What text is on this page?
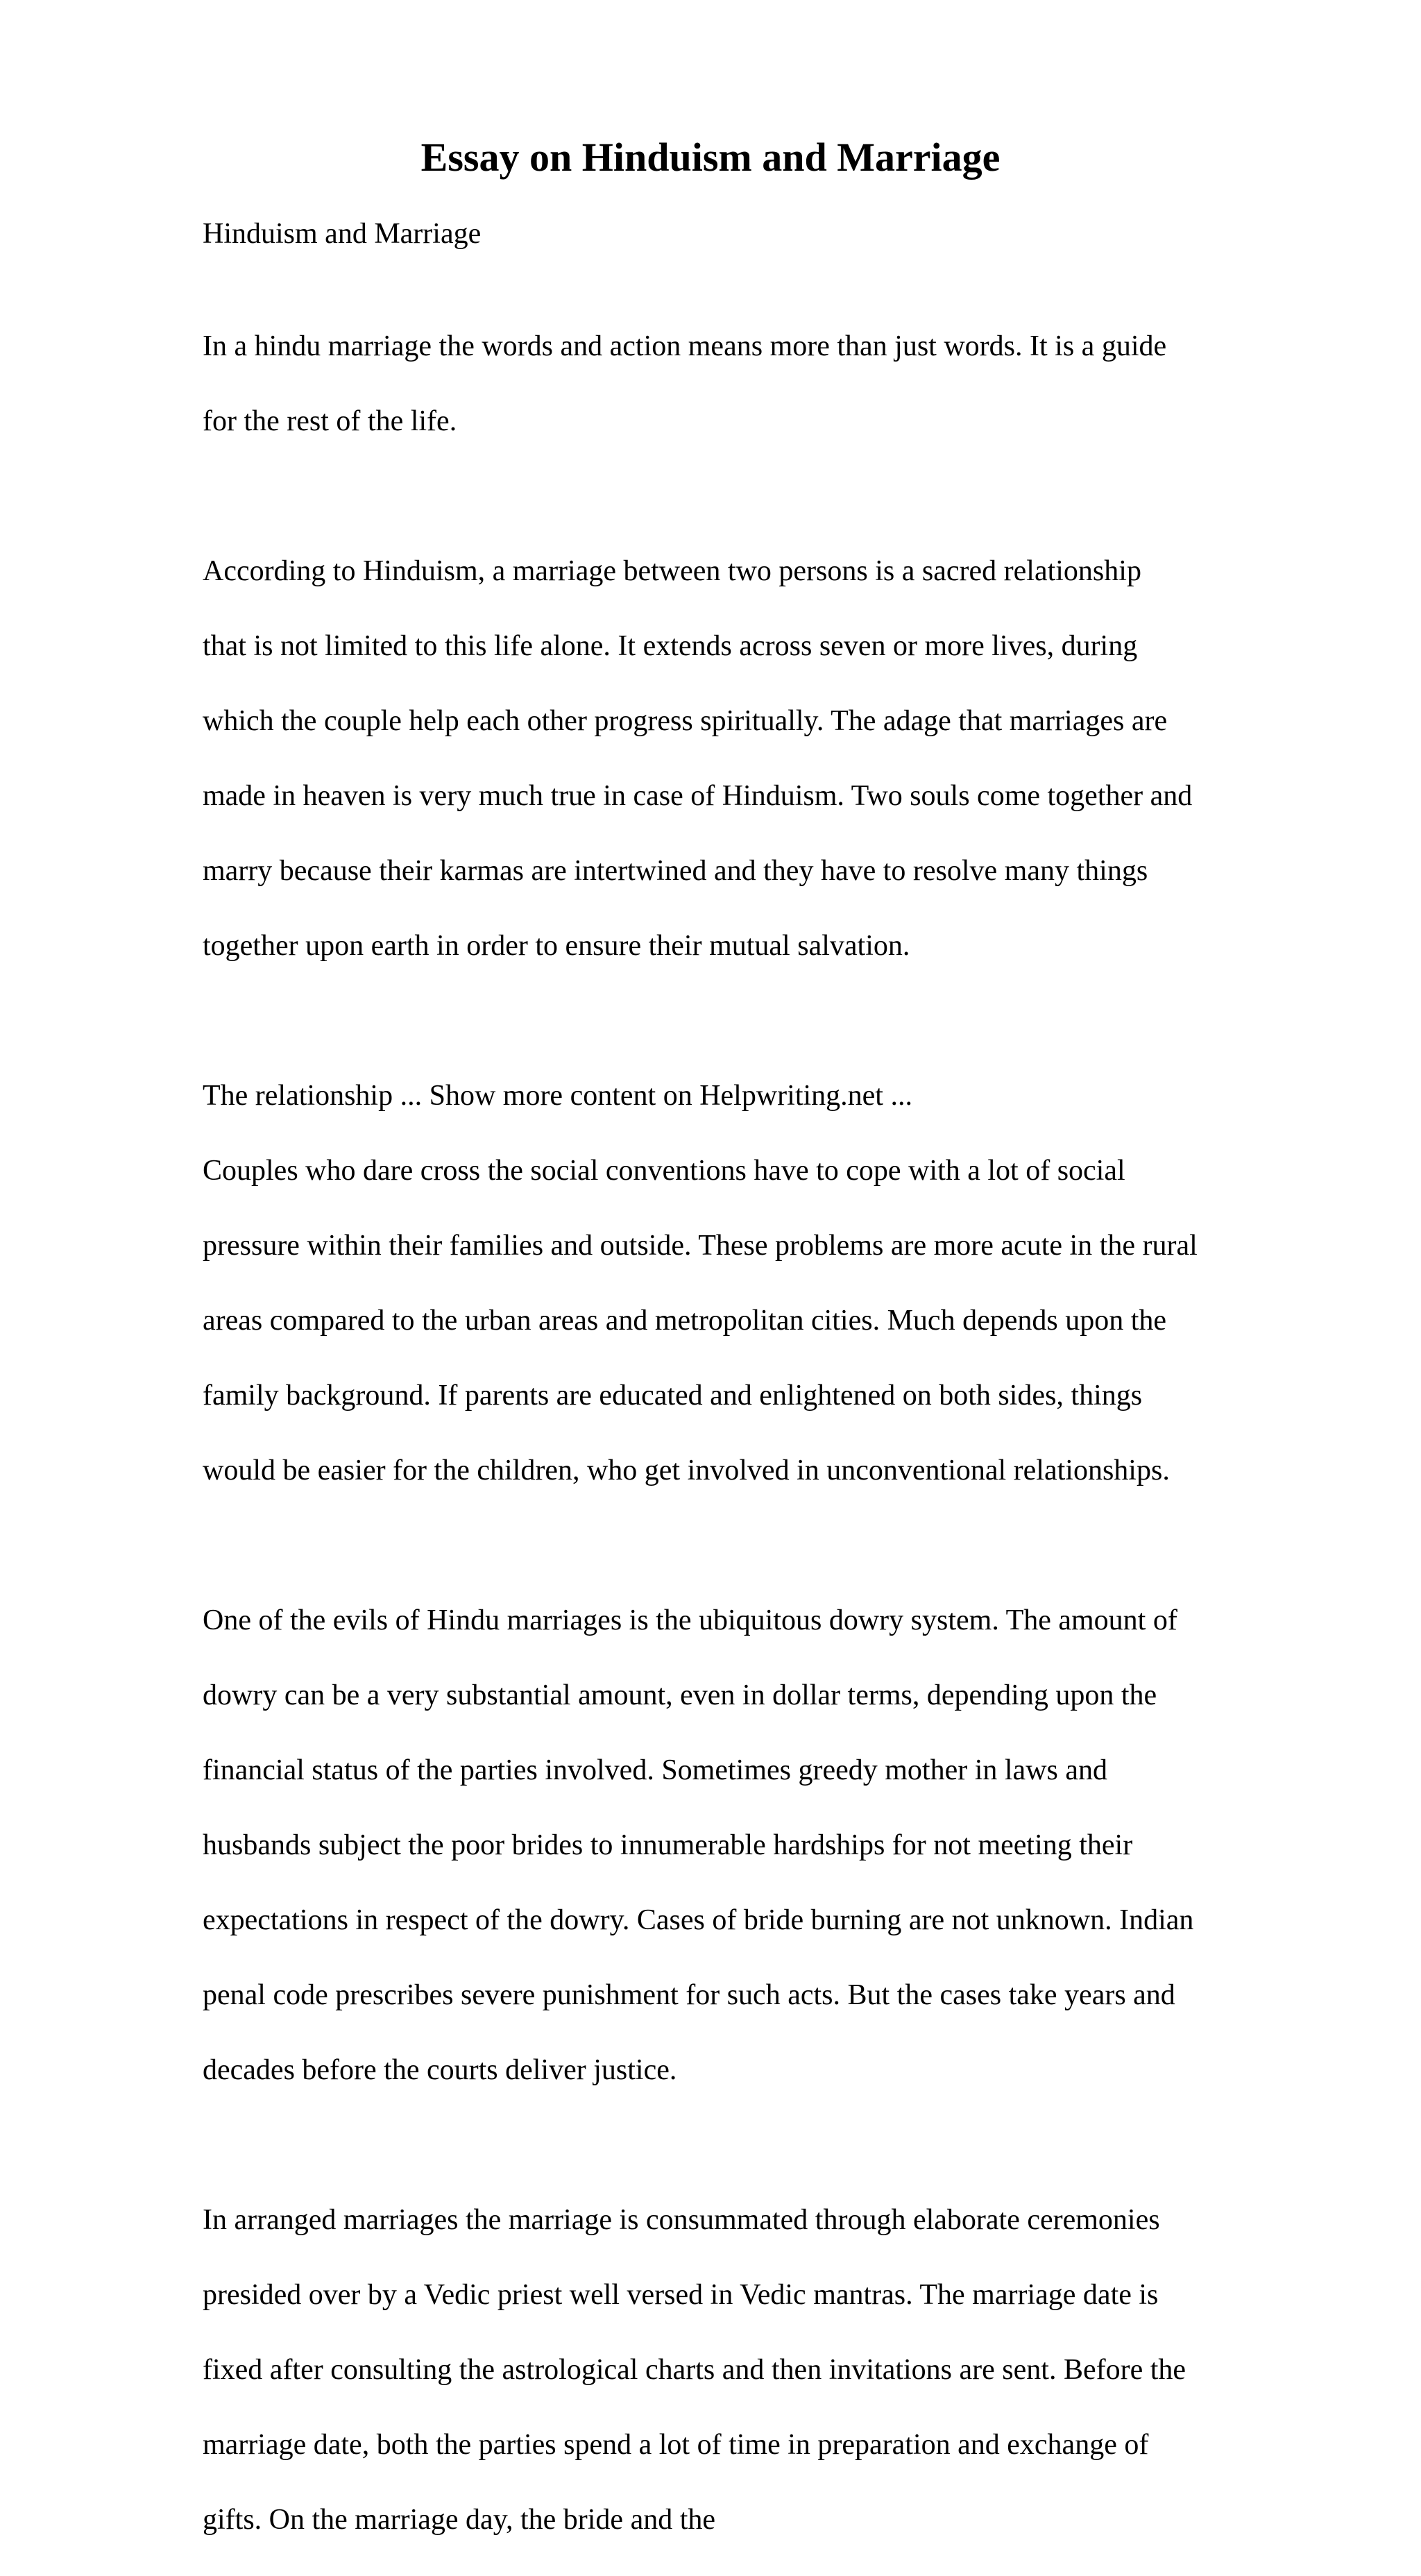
Essay on Hinduism and Marriage

Hinduism and Marriage

In a hindu marriage the words and action means more than just words. It is a guide

for the rest of the life.

According to Hinduism, a marriage between two persons is a sacred relationship

that is not limited to this life alone. It extends across seven or more lives, during

which the couple help each other progress spiritually. The adage that marriages are

made in heaven is very much true in case of Hinduism. Two souls come together and

marry because their karmas are intertwined and they have to resolve many things

together upon earth in order to ensure their mutual salvation.

The relationship ... Show more content on Helpwriting.net ...

Couples who dare cross the social conventions have to cope with a lot of social

pressure within their families and outside. These problems are more acute in the rural

areas compared to the urban areas and metropolitan cities. Much depends upon the

family background. If parents are educated and enlightened on both sides, things

would be easier for the children, who get involved in unconventional relationships.

One of the evils of Hindu marriages is the ubiquitous dowry system. The amount of

dowry can be a very substantial amount, even in dollar terms, depending upon the

financial status of the parties involved. Sometimes greedy mother in laws and

husbands subject the poor brides to innumerable hardships for not meeting their

expectations in respect of the dowry. Cases of bride burning are not unknown. Indian

penal code prescribes severe punishment for such acts. But the cases take years and

decades before the courts deliver justice.

In arranged marriages the marriage is consummated through elaborate ceremonies

presided over by a Vedic priest well versed in Vedic mantras. The marriage date is

fixed after consulting the astrological charts and then invitations are sent. Before the

marriage date, both the parties spend a lot of time in preparation and exchange of

gifts. On the marriage day, the bride and the
